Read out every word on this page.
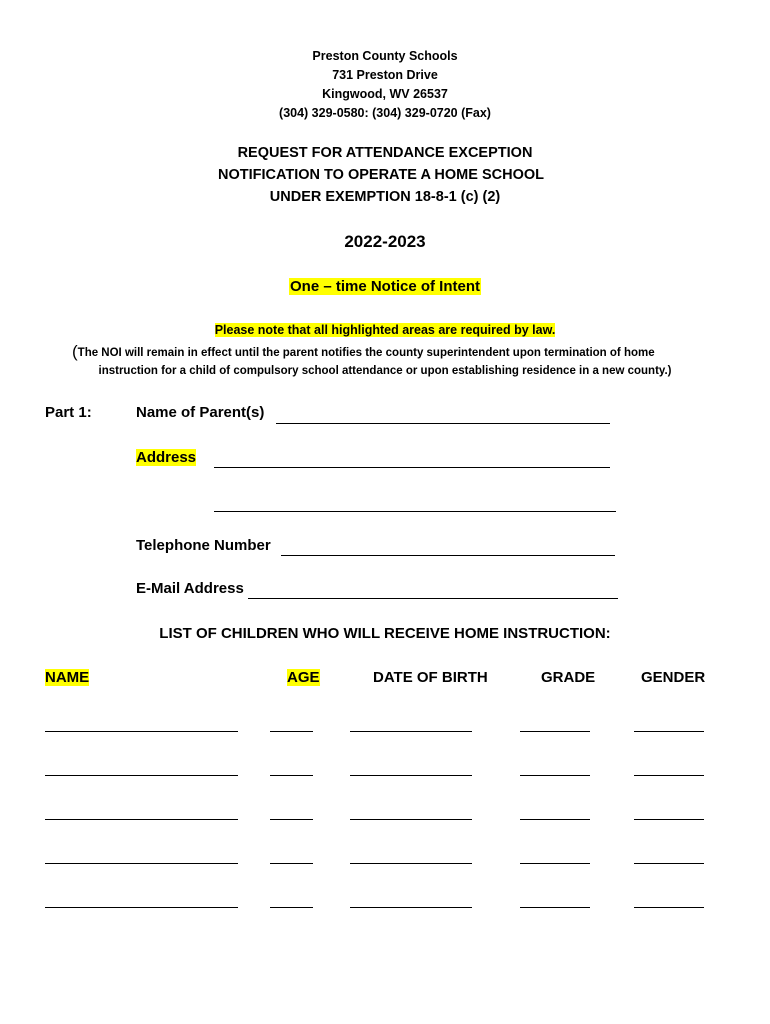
Preston County Schools
731 Preston Drive
Kingwood, WV 26537
(304) 329-0580: (304) 329-0720 (Fax)
REQUEST FOR ATTENDANCE EXCEPTION
NOTIFICATION TO OPERATE A HOME SCHOOL
UNDER EXEMPTION 18-8-1 (c) (2)
2022-2023
One – time Notice of Intent
Please note that all highlighted areas are required by law.
(The NOI will remain in effect until the parent notifies the county superintendent upon termination of home
instruction for a child of compulsory school attendance or upon establishing residence in a new county.)
Part 1:	Name of Parent(s)
Address
Telephone Number
E-Mail Address
LIST OF CHILDREN WHO WILL RECEIVE HOME INSTRUCTION:
NAME	AGE	DATE OF BIRTH	GRADE	GENDER
